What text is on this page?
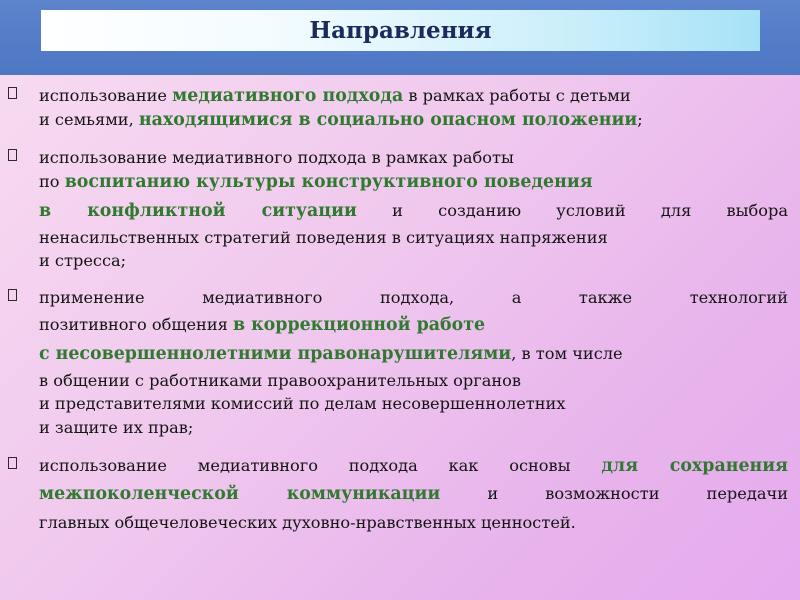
Направления
использование медиативного подхода в рамках работы с детьми
и семьями, находящимися в социально опасном положении;
использование медиативного подхода в рамках работы
по воспитанию культуры конструктивного поведения
в конфликтной ситуации и созданию условий для выбора
ненасильственных стратегий поведения в ситуациях напряжения
и стресса;
применение медиативного подхода, а также технологий
позитивного общения в коррекционной работе
с несовершеннолетними правонарушителями, в том числе
в общении с работниками правоохранительных органов
и представителями комиссий по делам несовершеннолетних
и защите их прав;
использование медиативного подхода как основы для сохранения
межпоколенческой коммуникации и возможности передачи
главных общечеловеческих духовно-нравственных ценностей.
